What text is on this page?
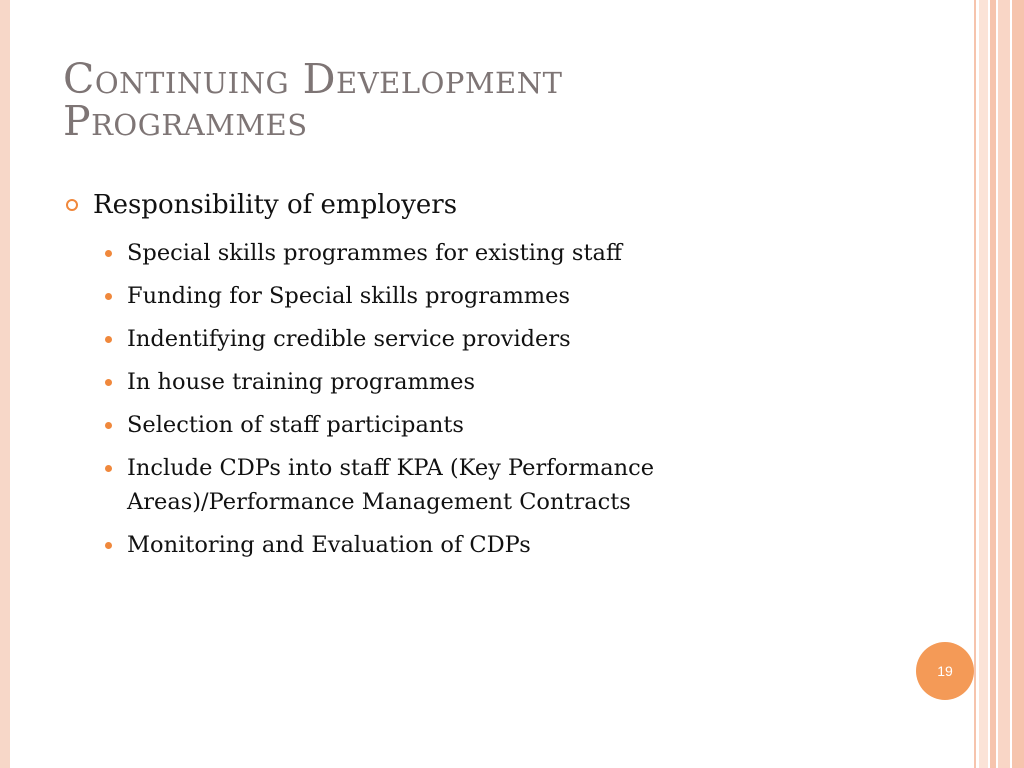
Continuing Development
Programmes
Responsibility of employers
Special skills programmes for existing staff
Funding for Special skills programmes
Indentifying credible service providers
In house training programmes
Selection of staff participants
Include CDPs into staff KPA (Key Performance Areas)/Performance Management Contracts
Monitoring and Evaluation of CDPs
19
